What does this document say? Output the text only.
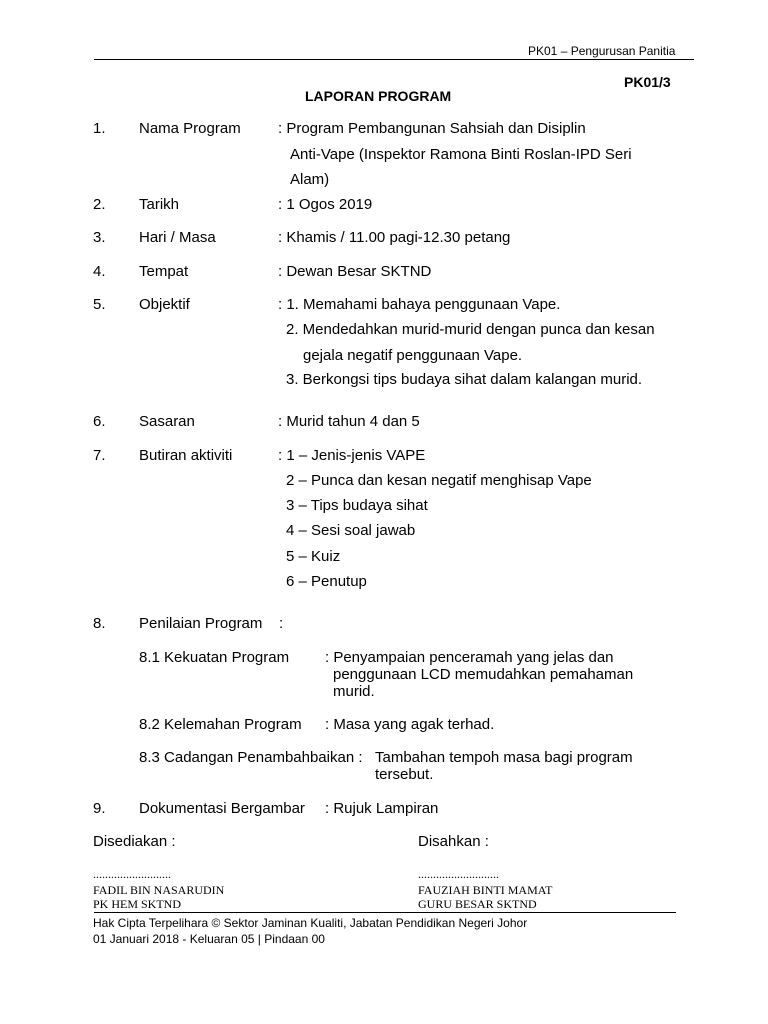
PK01 – Pengurusan Panitia
PK01/3
LAPORAN PROGRAM
1. Nama Program : Program Pembangunan Sahsiah dan Disiplin
Anti-Vape (Inspektor Ramona Binti Roslan-IPD Seri
Alam)
2. Tarikh	: 1 Ogos 2019
3. Hari / Masa	: Khamis / 11.00 pagi-12.30 petang
4. Tempat	: Dewan Besar SKTND
5. Objektif	: 1. Memahami bahaya penggunaan Vape.
2. Mendedahkan murid-murid dengan punca dan kesan
gejala negatif penggunaan Vape.
3. Berkongsi tips budaya sihat dalam kalangan murid.
6. Sasaran	: Murid tahun 4 dan 5
7. Butiran aktiviti	: 1 – Jenis-jenis VAPE
2 – Punca dan kesan negatif menghisap Vape
3 – Tips budaya sihat
4 – Sesi soal jawab
5 – Kuiz
6 – Penutup
8. Penilaian Program :
8.1 Kekuatan Program : Penyampaian penceramah yang jelas dan
penggunaan LCD memudahkan pemahaman
murid.
8.2 Kelemahan Program : Masa yang agak terhad.
8.3 Cadangan Penambahbaikan : Tambahan tempoh masa bagi program
tersebut.
9. Dokumentasi Bergambar : Rujuk Lampiran
Disediakan :	Disahkan :
..........................	...........................
FADIL BIN NASARUDIN	FAUZIAH BINTI MAMAT
PK HEM SKTND	GURU BESAR SKTND
Hak Cipta Terpelihara © Sektor Jaminan Kualiti, Jabatan Pendidikan Negeri Johor
01 Januari 2018 - Keluaran 05 | Pindaan 00
